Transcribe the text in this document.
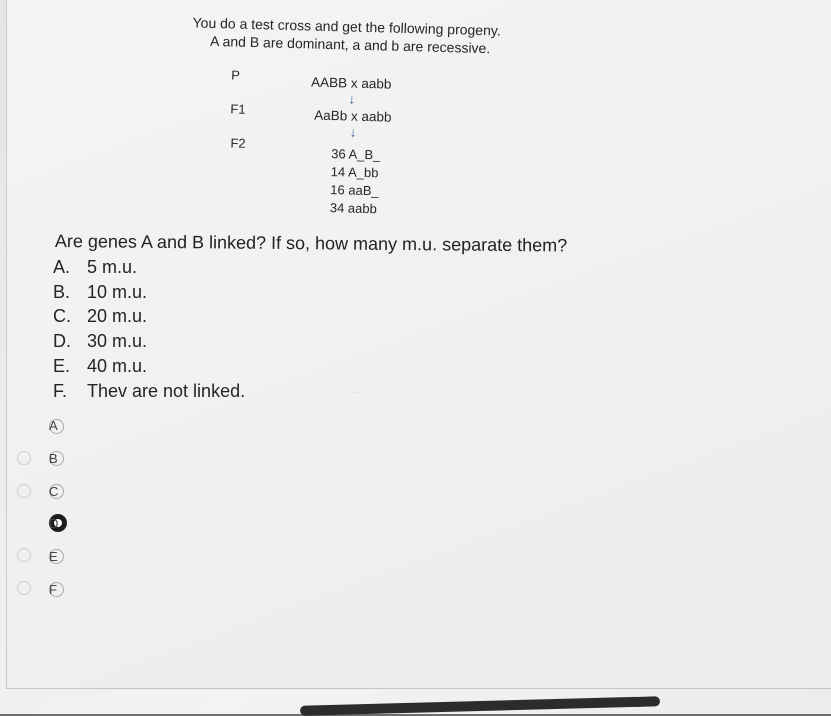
You do a test cross and get the following progeny.
A and B are dominant, a and b are recessive.
P	AABB x aabb
↓
F1	AaBb x aabb
↓
F2
36 A_B_
14 A_bb
16 aaB_
34 aabb
Are genes A and B linked? If so, how many m.u. separate them?
A. 5 m.u.
B. 10 m.u.
C. 20 m.u.
D. 30 m.u.
E. 40 m.u.
F. Thev are not linked.	·····
A
B
C
D
E
F
